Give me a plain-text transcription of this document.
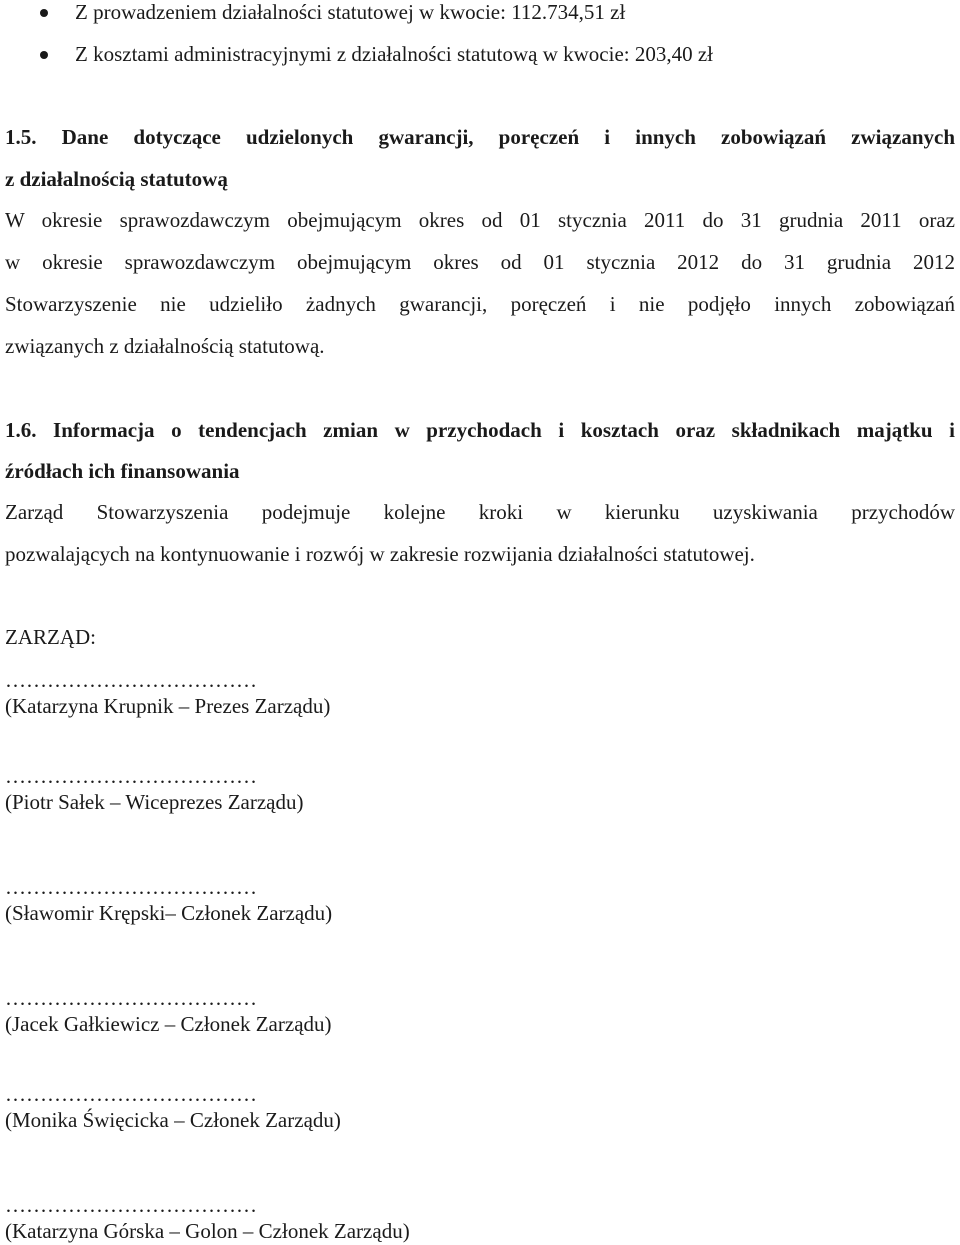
Z prowadzeniem działalności statutowej w kwocie: 112.734,51 zł
Z kosztami administracyjnymi z działalności statutową w kwocie: 203,40 zł
1.5. Dane dotyczące udzielonych gwarancji, poręczeń i innych zobowiązań związanych
z działalnością statutową
W okresie sprawozdawczym obejmującym okres od 01 stycznia 2011 do 31 grudnia 2011 oraz
w okresie sprawozdawczym obejmującym okres od 01 stycznia 2012 do 31 grudnia 2012
Stowarzyszenie nie udzieliło żadnych gwarancji, poręczeń i nie podjęło innych zobowiązań
związanych z działalnością statutową.
1.6. Informacja o tendencjach zmian w przychodach i kosztach oraz składnikach majątku i
źródłach ich finansowania
Zarząd Stowarzyszenia podejmuje kolejne kroki w kierunku uzyskiwania przychodów
pozwalających na kontynuowanie i rozwój w zakresie rozwijania działalności statutowej.
ZARZĄD:
………………………………
(Katarzyna Krupnik – Prezes Zarządu)
………………………………
(Piotr Sałek – Wiceprezes Zarządu)
………………………………
(Sławomir Krępski– Członek Zarządu)
………………………………
(Jacek Gałkiewicz – Członek Zarządu)
………………………………
(Monika Święcicka – Członek Zarządu)
………………………………
(Katarzyna Górska – Golon – Członek Zarządu)
